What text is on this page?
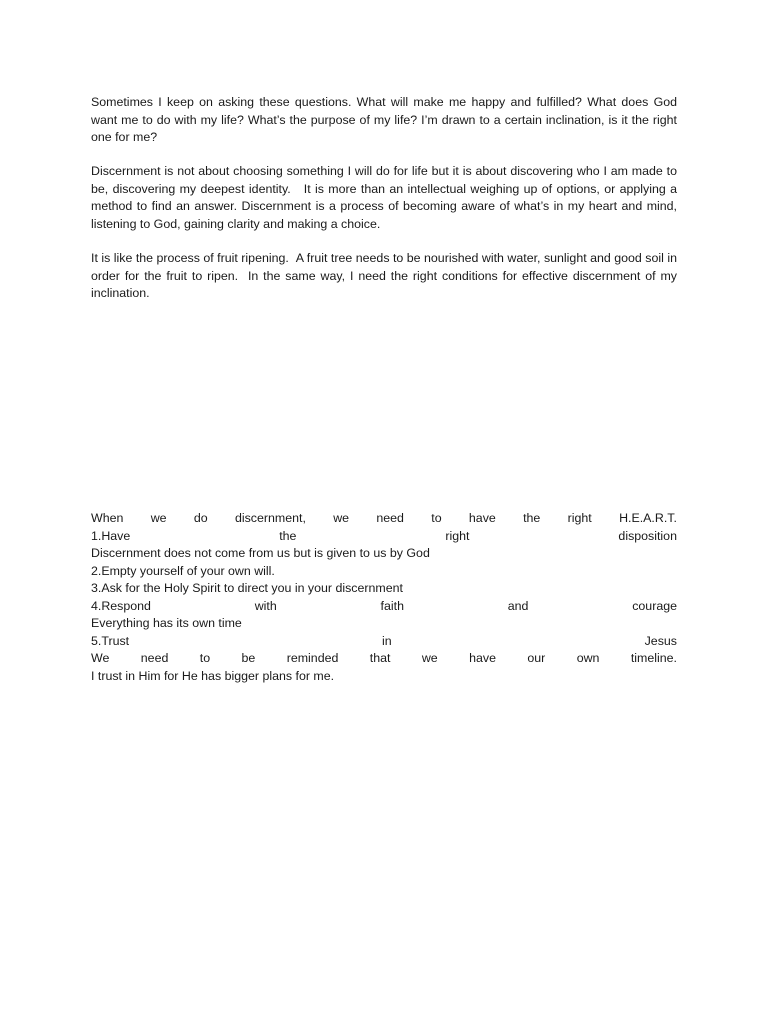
Sometimes I keep on asking these questions. What will make me happy and fulfilled? What does God want me to do with my life? What’s the purpose of my life? I’m drawn to a certain inclination, is it the right one for me?

Discernment is not about choosing something I will do for life but it is about discovering who I am made to be, discovering my deepest identity.   It is more than an intellectual weighing up of options, or applying a method to find an answer. Discernment is a process of becoming aware of what’s in my heart and mind, listening to God, gaining clarity and making a choice.

It is like the process of fruit ripening.  A fruit tree needs to be nourished with water, sunlight and good soil in order for the fruit to ripen.  In the same way, I need the right conditions for effective discernment of my inclination.

When we do discernment, we need to have the right H.E.A.R.T.
1.Have	the	right	disposition
Discernment does not come from us but is given to us by God
2.Empty yourself of your own will.
3.Ask for the Holy Spirit to direct you in your discernment
4.Respond	with	faith	and	courage
Everything has its own time
5.Trust	in	Jesus
We	need	to	be	reminded	that	we	have	our	own	timeline.
I trust in Him for He has bigger plans for me.
